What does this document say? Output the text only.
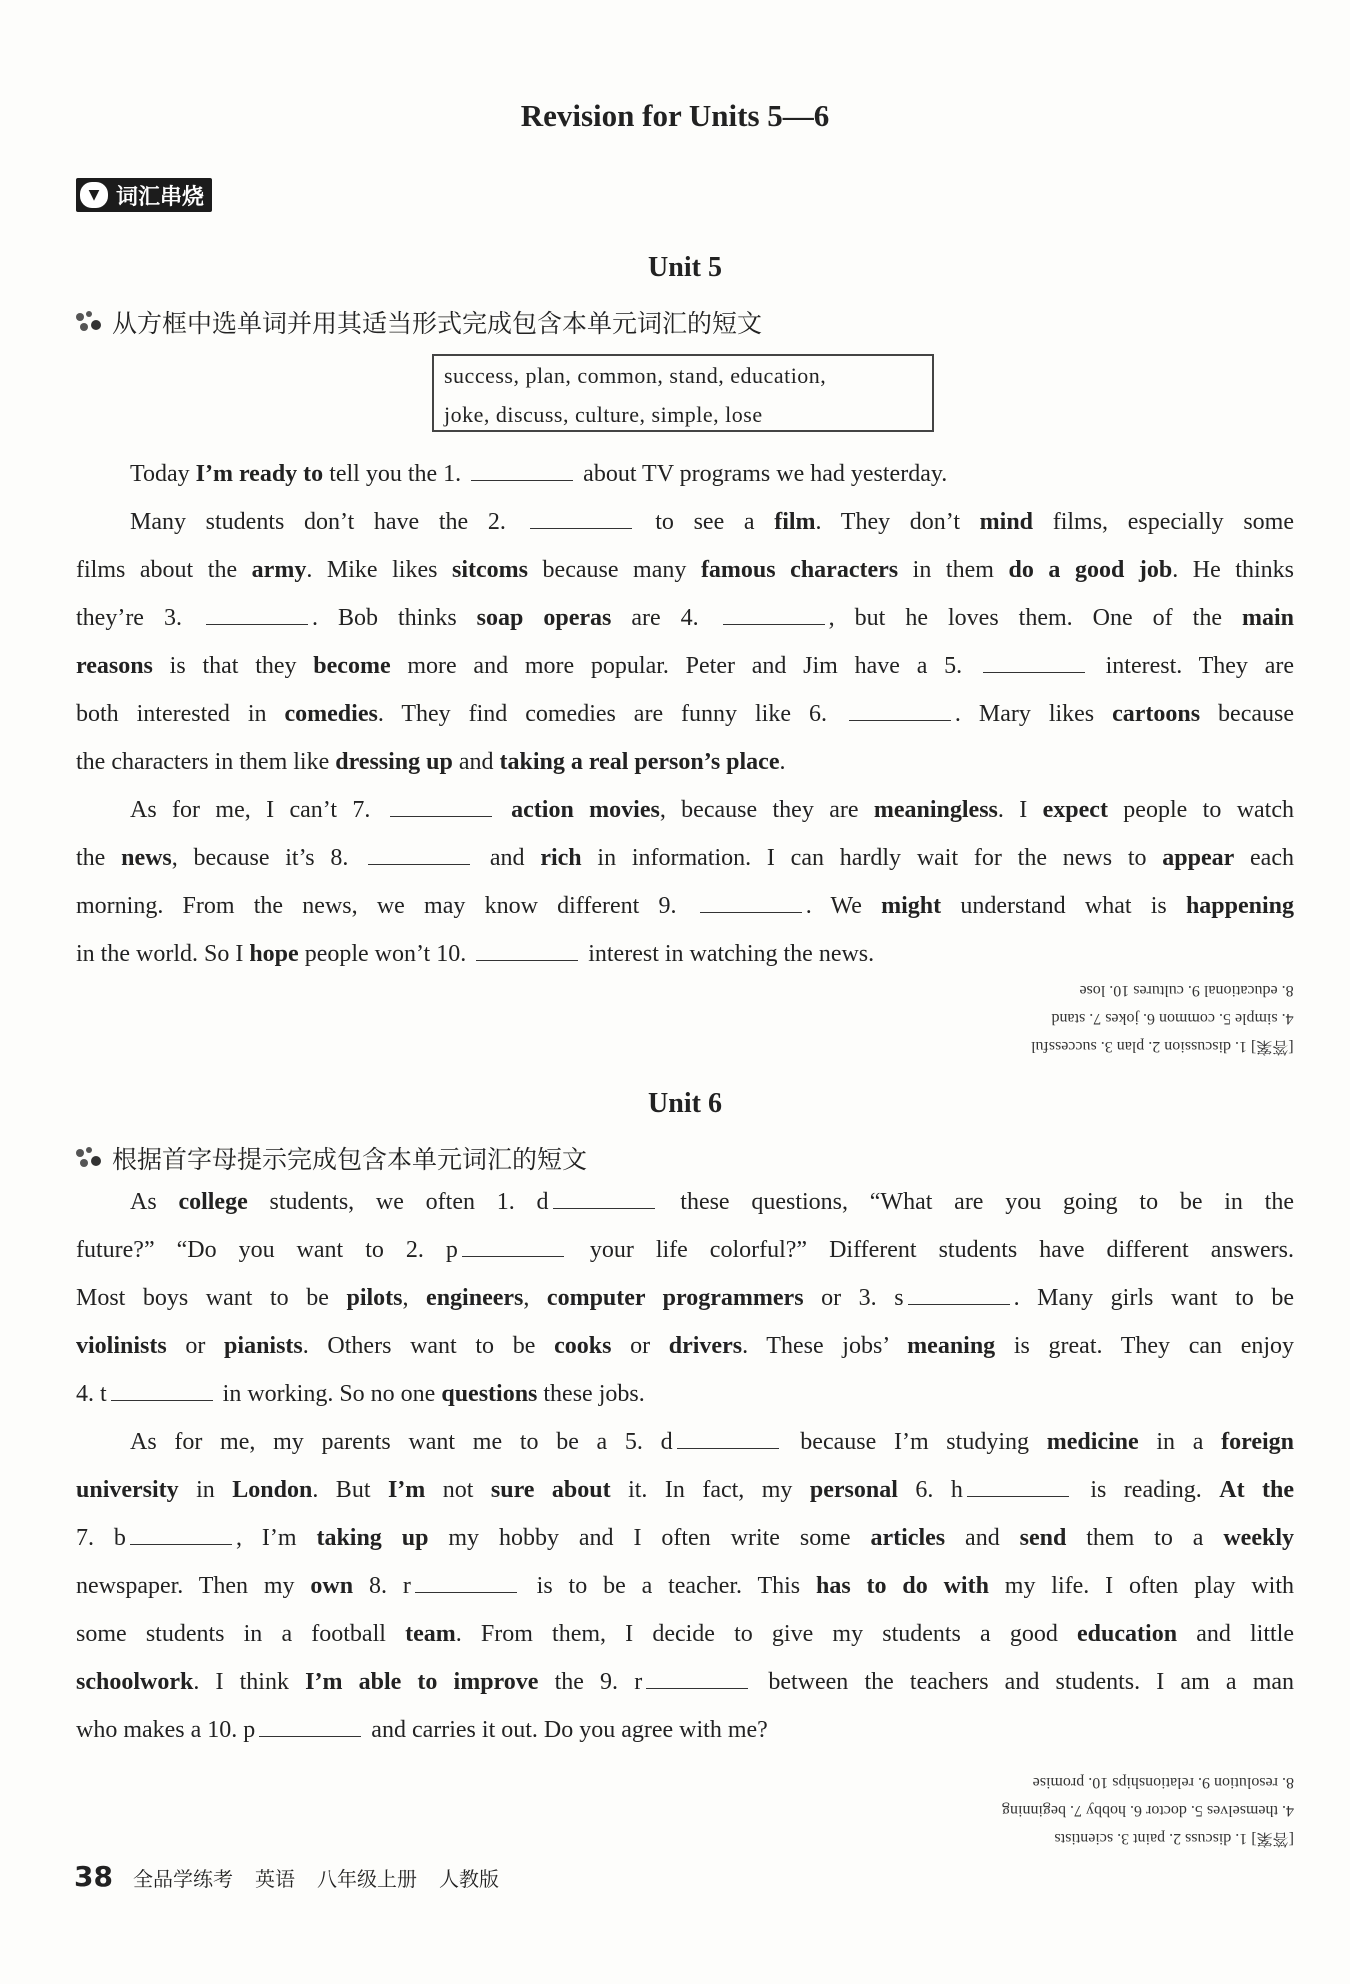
Revision for Units 5—6
▼ 词汇串烧
Unit 5
从方框中选单词并用其适当形式完成包含本单元词汇的短文
success, plan, common, stand, education,
joke, discuss, culture, simple, lose
Today I’m ready to tell you the 1.	about TV programs we had yesterday.
Many students don’t have the 2.	to see a film. They don’t mind films, especially some
films about the army. Mike likes sitcoms because many famous characters in them do a good job. He thinks
they’re 3.	. Bob thinks soap operas are 4.	, but he loves them. One of the main
reasons is that they become more and more popular. Peter and Jim have a 5.	interest. They are
both interested in comedies. They find comedies are funny like 6.	. Mary likes cartoons because
the characters in them like dressing up and taking a real person’s place.
As for me, I can’t 7.	action movies, because they are meaningless. I expect people to watch
the news, because it’s 8.	and rich in information. I can hardly wait for the news to appear each
morning. From the news, we may know different 9.	. We might understand what is happening
in the world. So I hope people won’t 10.	interest in watching the news.
[答案] 1. discussion 2. plan 3. successful
4. simple 5. common 6. jokes 7. stand
8. educational 9. cultures 10. lose
Unit 6
根据首字母提示完成包含本单元词汇的短文
As college students, we often 1. d	these questions, “What are you going to be in the
future?” “Do you want to 2. p	your life colorful?” Different students have different answers.
Most boys want to be pilots, engineers, computer programmers or 3. s	. Many girls want to be
violinists or pianists. Others want to be cooks or drivers. These jobs’ meaning is great. They can enjoy
4. t	in working. So no one questions these jobs.
As for me, my parents want me to be a 5. d	because I’m studying medicine in a foreign
university in London. But I’m not sure about it. In fact, my personal 6. h	is reading. At the
7. b	, I’m taking up my hobby and I often write some articles and send them to a weekly
newspaper. Then my own 8. r	is to be a teacher. This has to do with my life. I often play with
some students in a football team. From them, I decide to give my students a good education and little
schoolwork. I think I’m able to improve the 9. r	between the teachers and students. I am a man
who makes a 10. p	and carries it out. Do you agree with me?
[答案] 1. discuss 2. paint 3. scientists
4. themselves 5. doctor 6. hobby 7. beginning
8. resolution 9. relationships 10. promise
38 全品学练考 英语 八年级上册 人教版
